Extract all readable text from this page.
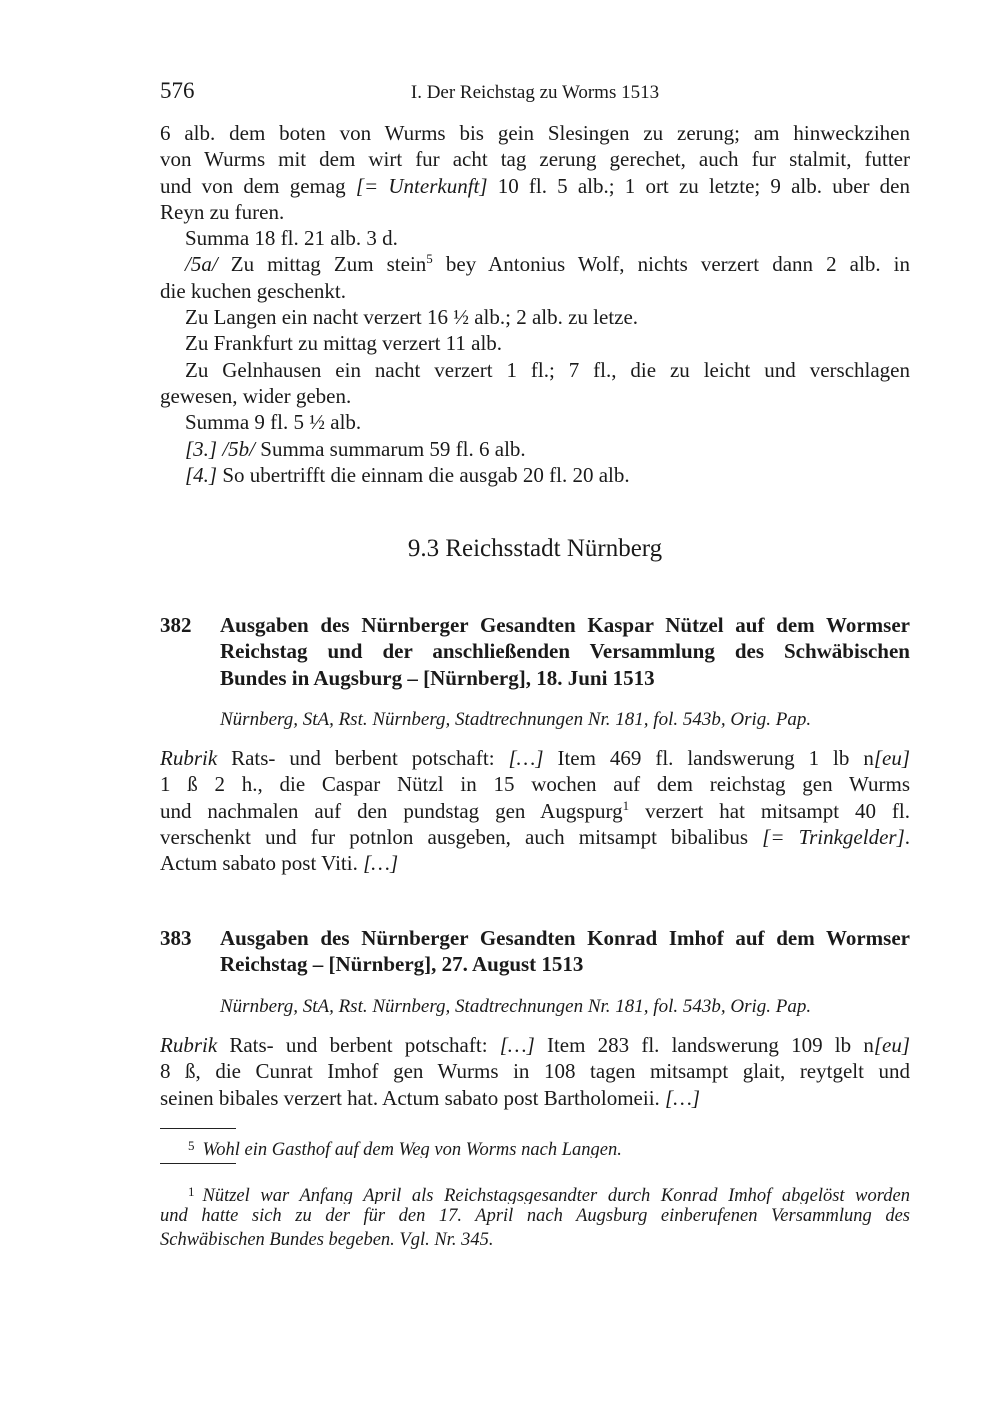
576	I. Der Reichstag zu Worms 1513
6 alb. dem boten von Wurms bis gein Slesingen zu zerung; am hinweckzihen
von Wurms mit dem wirt fur acht tag zerung gerechet, auch fur stalmit, futter
und von dem gemag [= Unterkunft] 10 fl. 5 alb.; 1 ort zu letzte; 9 alb. uber den
Reyn zu furen.
Summa 18 fl. 21 alb. 3 d.
/5a/ Zu mittag Zum stein$^5$ bey Antonius Wolf, nichts verzert dann 2 alb. in
die kuchen geschenkt.
Zu Langen ein nacht verzert 16 ½ alb.; 2 alb. zu letze.
Zu Frankfurt zu mittag verzert 11 alb.
Zu Gelnhausen ein nacht verzert 1 fl.; 7 fl., die zu leicht und verschlagen
gewesen, wider geben.
Summa 9 fl. 5 ½ alb.
[3.] /5b/ Summa summarum 59 fl. 6 alb.
[4.] So ubertrifft die einnam die ausgab 20 fl. 20 alb.
9.3 Reichsstadt Nürnberg
382 Ausgaben des Nürnberger Gesandten Kaspar Nützel auf dem Wormser
Reichstag und der anschließenden Versammlung des Schwäbischen
Bundes in Augsburg – [Nürnberg], 18. Juni 1513
Nürnberg, StA, Rst. Nürnberg, Stadtrechnungen Nr. 181, fol. 543b, Orig. Pap.
Rubrik Rats- und berbent potschaft: […] Item 469 fl. landswerung 1 lb n[eu]
1 ß 2 h., die Caspar Nützl in 15 wochen auf dem reichstag gen Wurms
und nachmalen auf den pundstag gen Augspurg$^1$ verzert hat mitsampt 40 fl.
verschenkt und fur potnlon ausgeben, auch mitsampt bibalibus [= Trinkgelder].
Actum sabato post Viti. […]
383 Ausgaben des Nürnberger Gesandten Konrad Imhof auf dem Wormser
Reichstag – [Nürnberg], 27. August 1513
Nürnberg, StA, Rst. Nürnberg, Stadtrechnungen Nr. 181, fol. 543b, Orig. Pap.
Rubrik Rats- und berbent potschaft: […] Item 283 fl. landswerung 109 lb n[eu]
8 ß, die Cunrat Imhof gen Wurms in 108 tagen mitsampt glait, reytgelt und
seinen bibales verzert hat. Actum sabato post Bartholomeii. […]
$^5$ Wohl ein Gasthof auf dem Weg von Worms nach Langen.
$^1$ Nützel war Anfang April als Reichstagsgesandter durch Konrad Imhof abgelöst worden
und hatte sich zu der für den 17. April nach Augsburg einberufenen Versammlung des
Schwäbischen Bundes begeben. Vgl. Nr. 345.
